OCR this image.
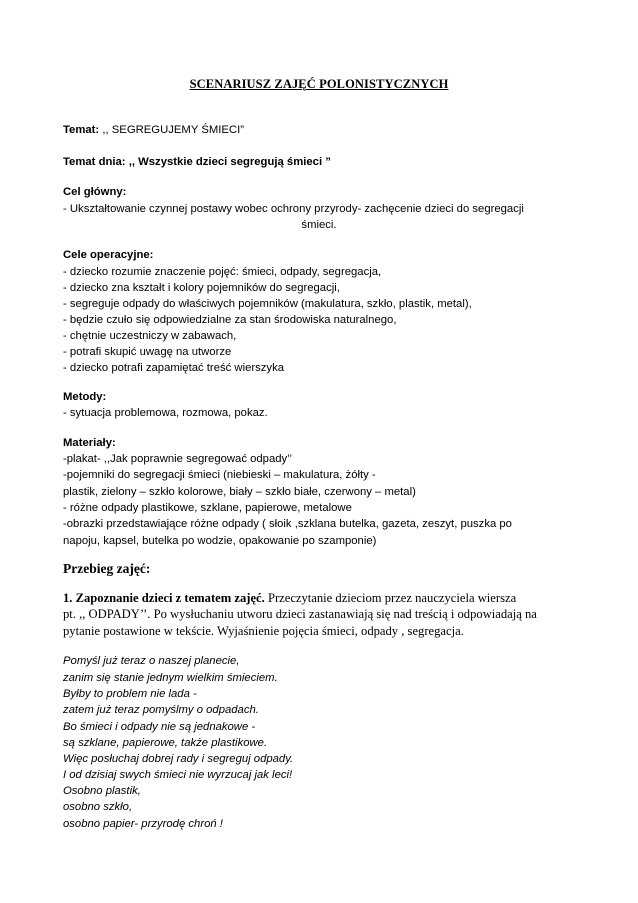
SCENARIUSZ ZAJĘĆ POLONISTYCZNYCH
Temat: ,, SEGREGUJEMY ŚMIECI”
Temat dnia: ,, Wszystkie dzieci segregują śmieci ”
Cel główny:
- Ukształtowanie czynnej postawy wobec ochrony przyrody- zachęcenie dzieci do segregacji
śmieci.
Cele operacyjne:
- dziecko rozumie znaczenie pojęć: śmieci, odpady, segregacja,
- dziecko zna kształt i kolory pojemników do segregacji,
- segreguje odpady do właściwych pojemników (makulatura, szkło, plastik, metal),
- będzie czuło się odpowiedzialne za stan środowiska naturalnego,
- chętnie uczestniczy w zabawach,
- potrafi skupić uwagę na utworze
- dziecko potrafi zapamiętać treść wierszyka
Metody:
- sytuacja problemowa, rozmowa, pokaz.
Materiały:
-plakat- ,,Jak poprawnie segregować odpady’’
-pojemniki do segregacji śmieci (niebieski – makulatura, żółty -
plastik, zielony – szkło kolorowe, biały – szkło białe, czerwony – metal)
- różne odpady plastikowe, szklane, papierowe, metalowe
-obrazki przedstawiające różne odpady ( słoik ,szklana butelka, gazeta, zeszyt, puszka po
napoju, kapsel, butelka po wodzie, opakowanie po szamponie)
Przebieg zajęć:
1. Zapoznanie dzieci z tematem zajęć. Przeczytanie dzieciom przez nauczyciela wiersza
pt. ,, ODPADY’’. Po wysłuchaniu utworu dzieci zastanawiają się nad treścią i odpowiadają na
pytanie postawione w tekście. Wyjaśnienie pojęcia śmieci, odpady , segregacja.
Pomyśl już teraz o naszej planecie,
zanim się stanie jednym wielkim śmieciem.
Byłby to problem nie lada -
zatem już teraz pomyślmy o odpadach.
Bo śmieci i odpady nie są jednakowe -
są szklane, papierowe, także plastikowe.
Więc posłuchaj dobrej rady i segreguj odpady.
I od dzisiaj swych śmieci nie wyrzucaj jak leci!
Osobno plastik,
osobno szkło,
osobno papier- przyrodę chroń !
